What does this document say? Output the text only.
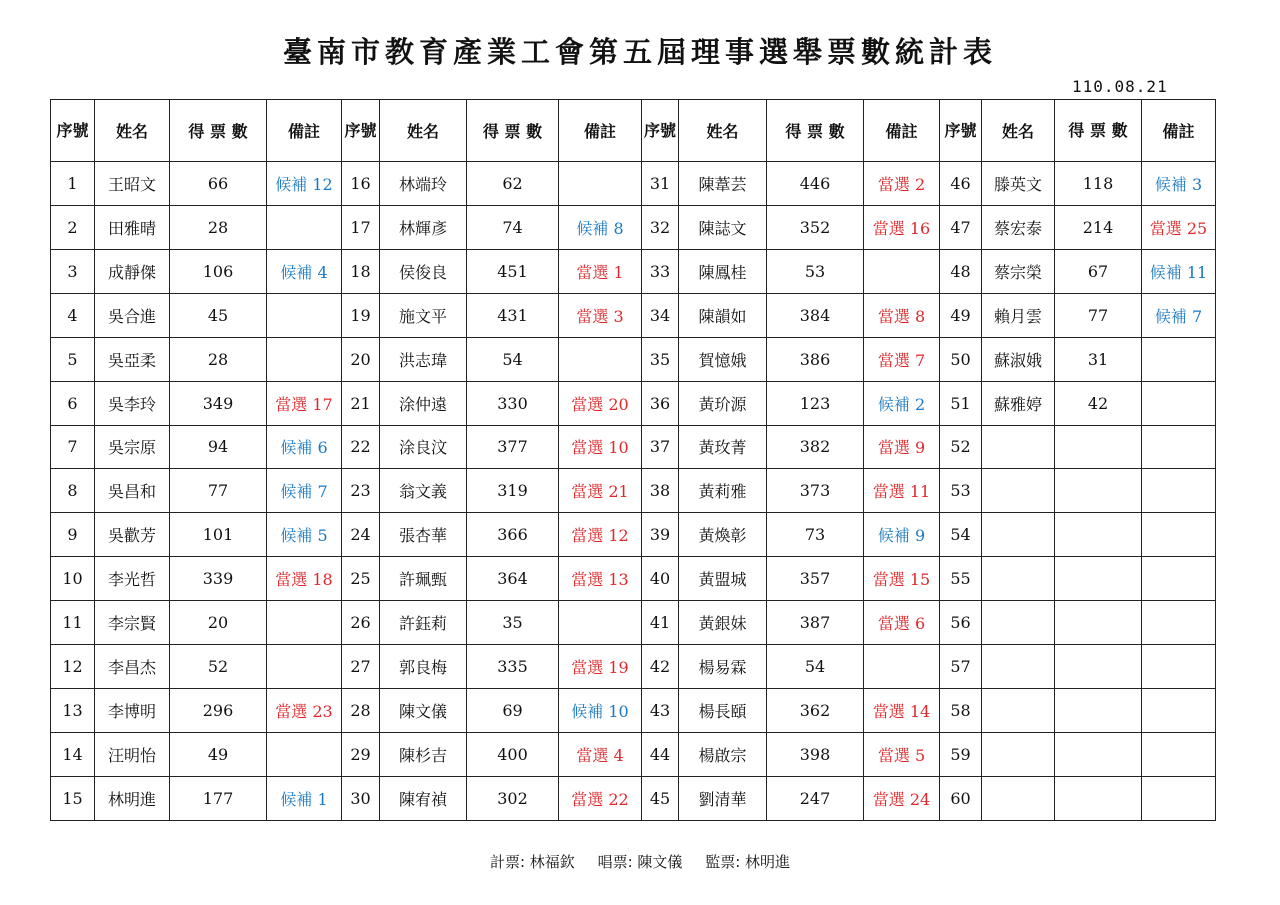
臺南市教育產業工會第五屆理事選舉票數統計表
110.08.21
序號	姓名	得 票 數	備註	序號	姓名	得 票 數	備註	序號	姓名	得 票 數	備註	序號	姓名	得 票 數	備註
1	王昭文	66	候補 12	16	林端玲	62		31	陳葦芸	446	當選 2	46	滕英文	118	候補 3
2	田雅晴	28		17	林輝彥	74	候補 8	32	陳誌文	352	當選 16	47	蔡宏泰	214	當選 25
3	成靜傑	106	候補 4	18	侯俊良	451	當選 1	33	陳鳳桂	53		48	蔡宗榮	67	候補 11
4	吳合進	45		19	施文平	431	當選 3	34	陳韻如	384	當選 8	49	賴月雲	77	候補 7
5	吳亞柔	28		20	洪志瑋	54		35	賀憶娥	386	當選 7	50	蘇淑娥	31	
6	吳李玲	349	當選 17	21	涂仲遠	330	當選 20	36	黃玠源	123	候補 2	51	蘇雅婷	42	
7	吳宗原	94	候補 6	22	涂良汶	377	當選 10	37	黃玫菁	382	當選 9	52			
8	吳昌和	77	候補 7	23	翁文義	319	當選 21	38	黃莉雅	373	當選 11	53			
9	吳歡芳	101	候補 5	24	張杏華	366	當選 12	39	黃煥彰	73	候補 9	54			
10	李光哲	339	當選 18	25	許珮甄	364	當選 13	40	黃盟城	357	當選 15	55			
11	李宗賢	20		26	許鈺莉	35		41	黃銀妹	387	當選 6	56			
12	李昌杰	52		27	郭良梅	335	當選 19	42	楊易霖	54		57			
13	李博明	296	當選 23	28	陳文儀	69	候補 10	43	楊長頤	362	當選 14	58			
14	汪明怡	49		29	陳杉吉	400	當選 4	44	楊啟宗	398	當選 5	59			
15	林明進	177	候補 1	30	陳宥禎	302	當選 22	45	劉清華	247	當選 24	60			
計票: 林福欽 唱票: 陳文儀 監票: 林明進
